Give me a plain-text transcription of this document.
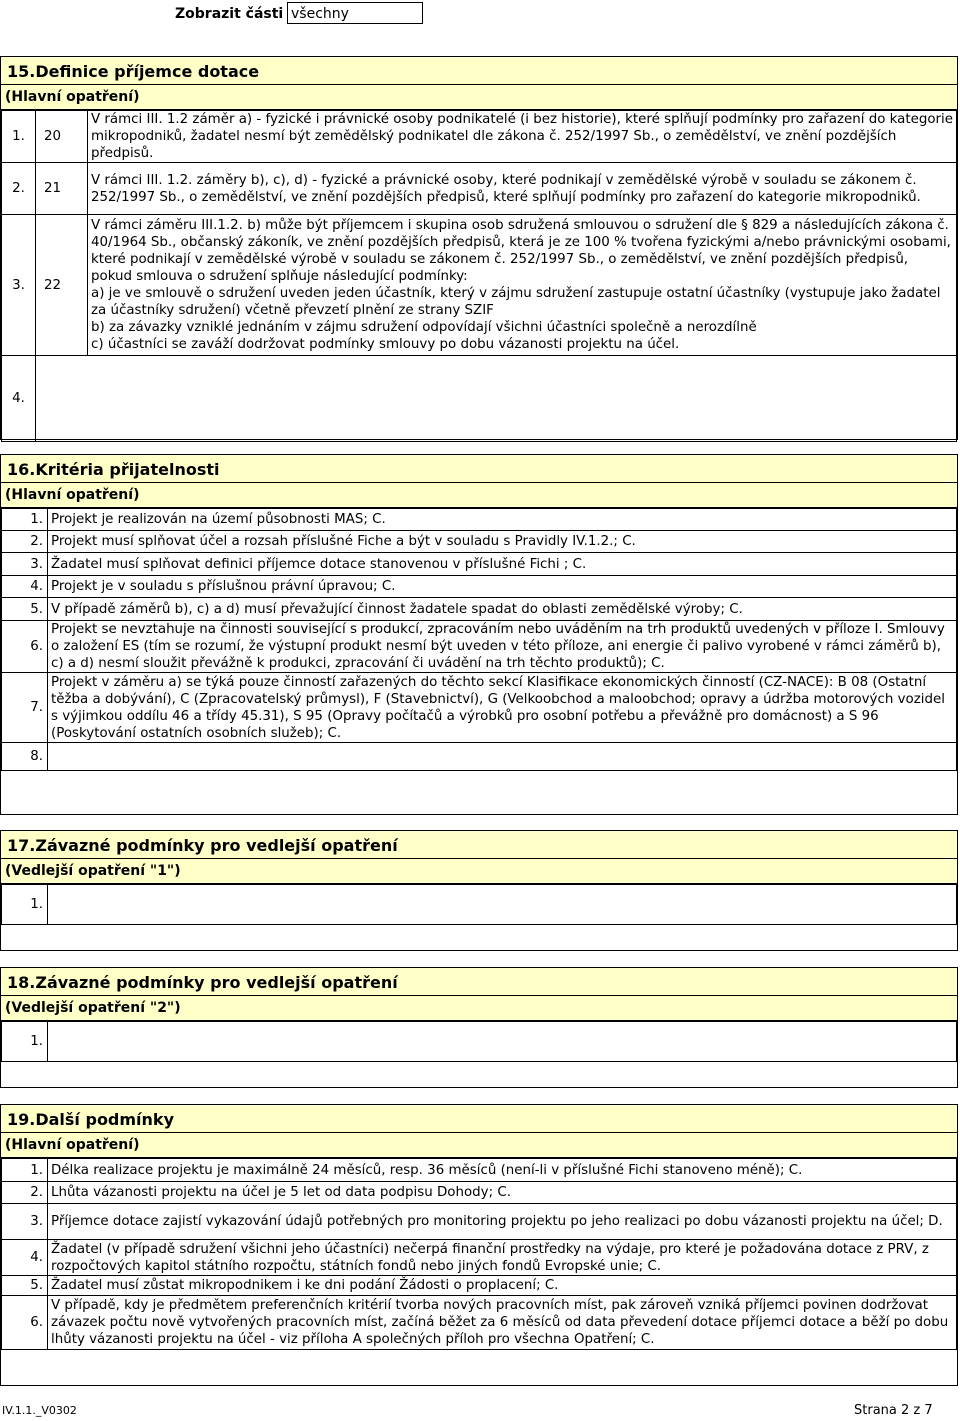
Zobrazit části všechny
15.Definice příjemce dotace
(Hlavní opatření)
1.	20	V rámci III. 1.2 záměr a) - fyzické i právnické osoby podnikatelé (i bez historie), které splňují podmínky pro zařazení do kategorie mikropodniků, žadatel nesmí být zemědělský podnikatel dle zákona č. 252/1997 Sb., o zemědělství, ve znění pozdějších předpisů.
2.	21	V rámci III. 1.2. záměry b), c), d) - fyzické a právnické osoby, které podnikají v zemědělské výrobě v souladu se zákonem č. 252/1997 Sb., o zemědělství, ve znění pozdějších předpisů, které splňují podmínky pro zařazení do kategorie mikropodniků.
3.	22	V rámci záměru III.1.2. b) může být příjemcem i skupina osob sdružená smlouvou o sdružení dle § 829 a následujících zákona č. 40/1964 Sb., občanský zákoník, ve znění pozdějších předpisů, která je ze 100 % tvořena fyzickými a/nebo právnickými osobami, které podnikají v zemědělské výrobě v souladu se zákonem č. 252/1997 Sb., o zemědělství, ve znění pozdějších předpisů, pokud smlouva o sdružení splňuje následující podmínky:
a) je ve smlouvě o sdružení uveden jeden účastník, který v zájmu sdružení zastupuje ostatní účastníky (vystupuje jako žadatel za účastníky sdružení) včetně převzetí plnění ze strany SZIF
b) za závazky vzniklé jednáním v zájmu sdružení odpovídají všichni účastníci společně a nerozdílně
c) účastníci se zaváží dodržovat podmínky smlouvy po dobu vázanosti projektu na účel.

4.		
16.Kritéria přijatelnosti
(Hlavní opatření)
1.	Projekt je realizován na území působnosti MAS; C.
2.	Projekt musí splňovat účel a rozsah příslušné Fiche a být v souladu s Pravidly IV.1.2.; C.
3.	Žadatel musí splňovat definici příjemce dotace stanovenou v příslušné Fichi ; C.
4.	Projekt je v souladu s příslušnou právní úpravou; C.
5.	V případě záměrů b), c) a d) musí převažující činnost žadatele spadat do oblasti zemědělské výroby; C.
6.	Projekt se nevztahuje na činnosti související s produkcí, zpracováním nebo uváděním na trh produktů uvedených v příloze I. Smlouvy o založení ES (tím se rozumí, že výstupní produkt nesmí být uveden v této příloze, ani energie či palivo vyrobené v rámci záměrů b), c) a d) nesmí sloužit převážně k produkci, zpracování či uvádění na trh těchto produktů); C.
7.	Projekt v záměru a) se týká pouze činností zařazených do těchto sekcí Klasifikace ekonomických činností (CZ-NACE): B 08 (Ostatní těžba a dobývání), C (Zpracovatelský průmysl), F (Stavebnictví), G (Velkoobchod a maloobchod; opravy a údržba motorových vozidel s výjimkou oddílu 46 a třídy 45.31), S 95 (Opravy počítačů a výrobků pro osobní potřebu a převážně pro domácnost) a S 96 (Poskytování ostatních osobních služeb); C.
8.	
17.Závazné podmínky pro vedlejší opatření
(Vedlejší opatření "1")
1.	
18.Závazné podmínky pro vedlejší opatření
(Vedlejší opatření "2")
1.	
19.Další podmínky
(Hlavní opatření)
1.	Délka realizace projektu je maximálně 24 měsíců, resp. 36 měsíců (není-li v příslušné Fichi stanoveno méně); C.
2.	Lhůta vázanosti projektu na účel je 5 let od data podpisu Dohody; C.
3.	Příjemce dotace zajistí vykazování údajů potřebných pro monitoring projektu po jeho realizaci po dobu vázanosti projektu na účel; D.
4.	Žadatel (v případě sdružení všichni jeho účastníci) nečerpá finanční prostředky na výdaje, pro které je požadována dotace z PRV, z rozpočtových kapitol státního rozpočtu, státních fondů nebo jiných fondů Evropské unie; C.
5.	Žadatel musí zůstat mikropodnikem i ke dni podání Žádosti o proplacení; C.
6.	V případě, kdy je předmětem preferenčních kritérií tvorba nových pracovních míst, pak zároveň vzniká příjemci povinen dodržovat závazek počtu nově vytvořených pracovních míst, začíná běžet za 6 měsíců od data převedení dotace příjemci dotace a běží po dobu lhůty vázanosti projektu na účel - viz příloha A společných příloh pro všechna Opatření; C.
IV.1.1._V0302	Strana 2 z 7
